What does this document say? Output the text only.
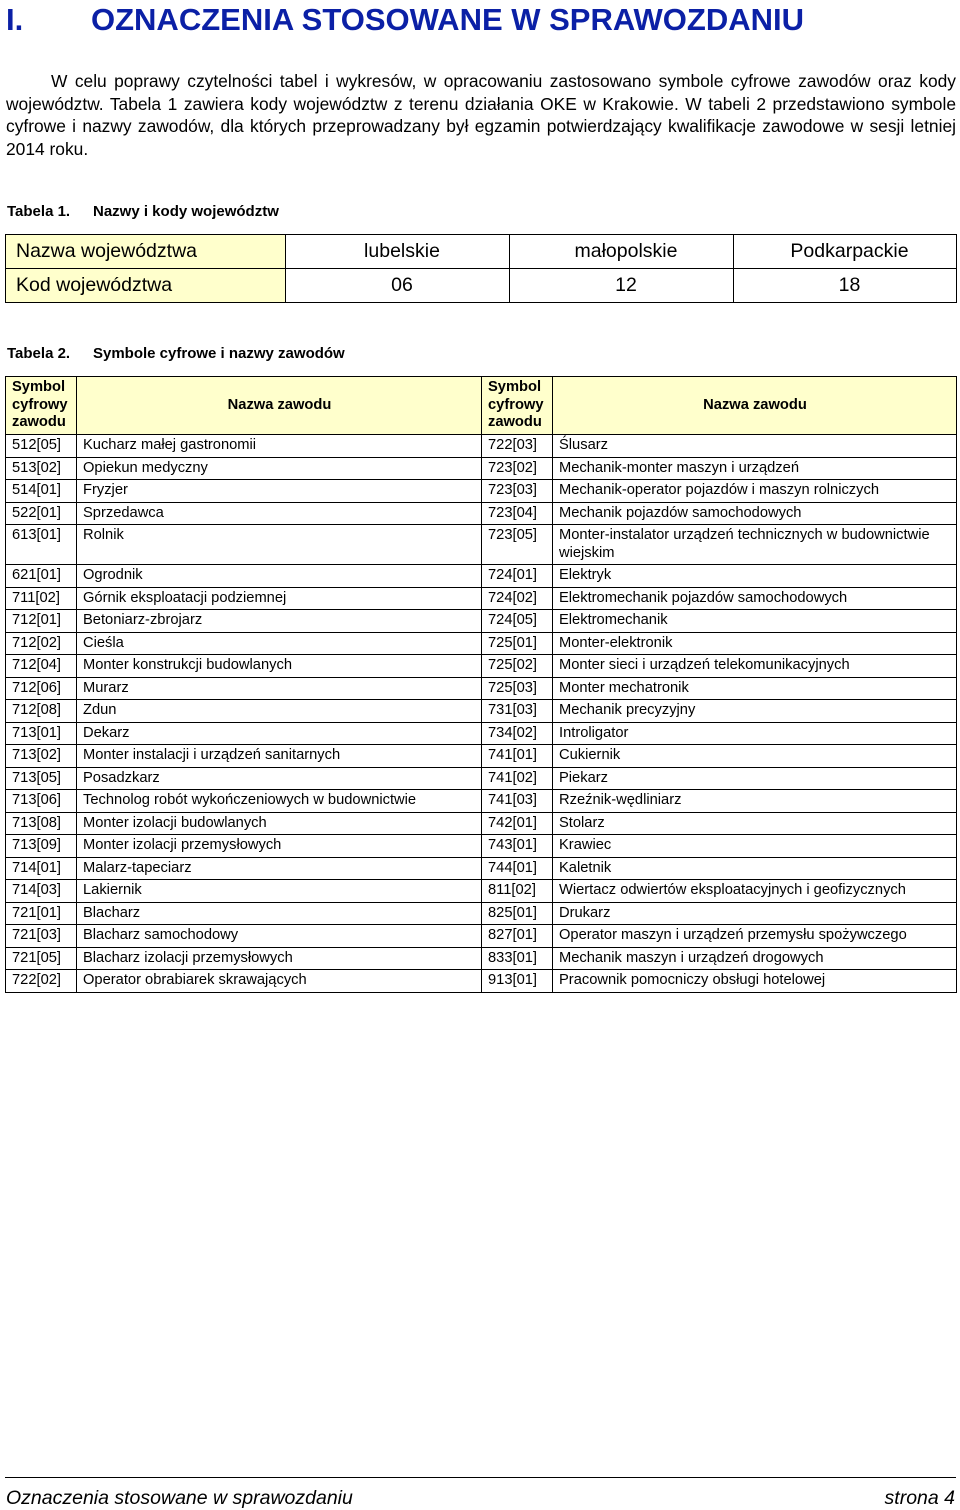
I. OZNACZENIA STOSOWANE W SPRAWOZDANIU

W celu poprawy czytelności tabel i wykresów, w opracowaniu zastosowano symbole cyfrowe zawodów oraz kody województw. Tabela 1 zawiera kody województw z terenu działania OKE w Krakowie. W tabeli 2 przedstawiono symbole cyfrowe i nazwy zawodów, dla których przeprowadzany był egzamin potwierdzający kwalifikacje zawodowe w sesji letniej 2014 roku.

Tabela 1. Nazwy i kody województw
Nazwa województwa	lubelskie	małopolskie	Podkarpackie
Kod województwa	06	12	18
Tabela 2. Symbole cyfrowe i nazwy zawodów
Symbol cyfrowy zawodu	Nazwa zawodu	Symbol cyfrowy zawodu	Nazwa zawodu
512[05]	Kucharz małej gastronomii	722[03]	Ślusarz
513[02]	Opiekun medyczny	723[02]	Mechanik-monter maszyn i urządzeń
514[01]	Fryzjer	723[03]	Mechanik-operator pojazdów i maszyn rolniczych
522[01]	Sprzedawca	723[04]	Mechanik pojazdów samochodowych
613[01]	Rolnik	723[05]	Monter-instalator urządzeń technicznych w budownictwie wiejskim
621[01]	Ogrodnik	724[01]	Elektryk
711[02]	Górnik eksploatacji podziemnej	724[02]	Elektromechanik pojazdów samochodowych
712[01]	Betoniarz-zbrojarz	724[05]	Elektromechanik
712[02]	Cieśla	725[01]	Monter-elektronik
712[04]	Monter konstrukcji budowlanych	725[02]	Monter sieci i urządzeń telekomunikacyjnych
712[06]	Murarz	725[03]	Monter mechatronik
712[08]	Zdun	731[03]	Mechanik precyzyjny
713[01]	Dekarz	734[02]	Introligator
713[02]	Monter instalacji i urządzeń sanitarnych	741[01]	Cukiernik
713[05]	Posadzkarz	741[02]	Piekarz
713[06]	Technolog robót wykończeniowych w budownictwie	741[03]	Rzeźnik-wędliniarz
713[08]	Monter izolacji budowlanych	742[01]	Stolarz
713[09]	Monter izolacji przemysłowych	743[01]	Krawiec
714[01]	Malarz-tapeciarz	744[01]	Kaletnik
714[03]	Lakiernik	811[02]	Wiertacz odwiertów eksploatacyjnych i geofizycznych
721[01]	Blacharz	825[01]	Drukarz
721[03]	Blacharz samochodowy	827[01]	Operator maszyn i urządzeń przemysłu spożywczego
721[05]	Blacharz izolacji przemysłowych	833[01]	Mechanik maszyn i urządzeń drogowych
722[02]	Operator obrabiarek skrawających	913[01]	Pracownik pomocniczy obsługi hotelowej
Oznaczenia stosowane w sprawozdaniu	strona 4
